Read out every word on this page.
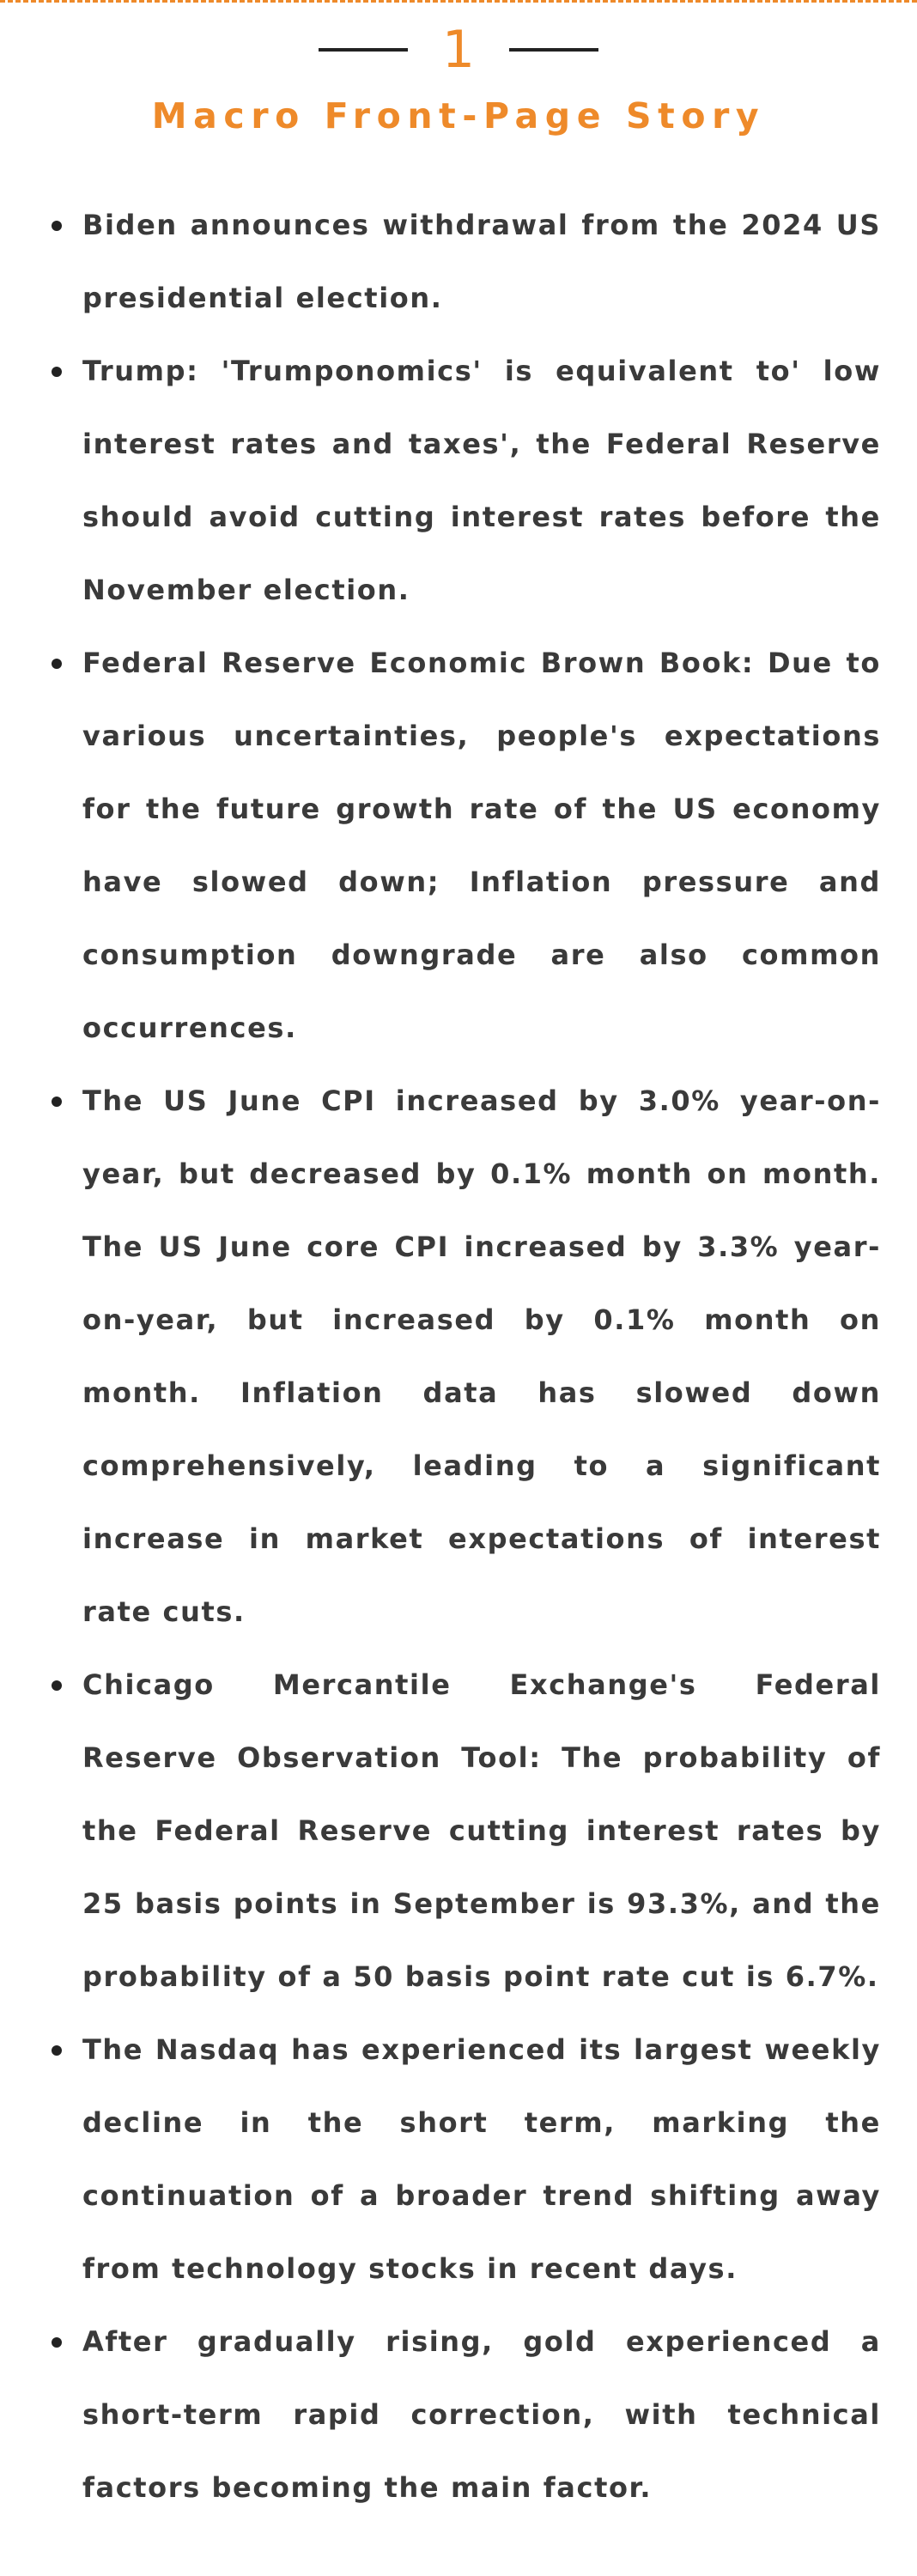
1
Macro Front-Page Story
Biden announces withdrawal from the 2024 US presidential election.
Trump: 'Trumponomics' is equivalent to' low interest rates and taxes', the Federal Reserve should avoid cutting interest rates before the November election.
Federal Reserve Economic Brown Book: Due to various uncertainties, people's expectations for the future growth rate of the US economy have slowed down; Inflation pressure and consumption downgrade are also common occurrences.
The US June CPI increased by 3.0% year-on-year, but decreased by 0.1% month on month. The US June core CPI increased by 3.3% year-on-year, but increased by 0.1% month on month. Inflation data has slowed down comprehensively, leading to a significant increase in market expectations of interest rate cuts.
Chicago Mercantile Exchange's Federal Reserve Observation Tool: The probability of the Federal Reserve cutting interest rates by 25 basis points in September is 93.3%, and the probability of a 50 basis point rate cut is 6.7%.
The Nasdaq has experienced its largest weekly decline in the short term, marking the continuation of a broader trend shifting away from technology stocks in recent days.
After gradually rising, gold experienced a short-term rapid correction, with technical factors becoming the main factor.
